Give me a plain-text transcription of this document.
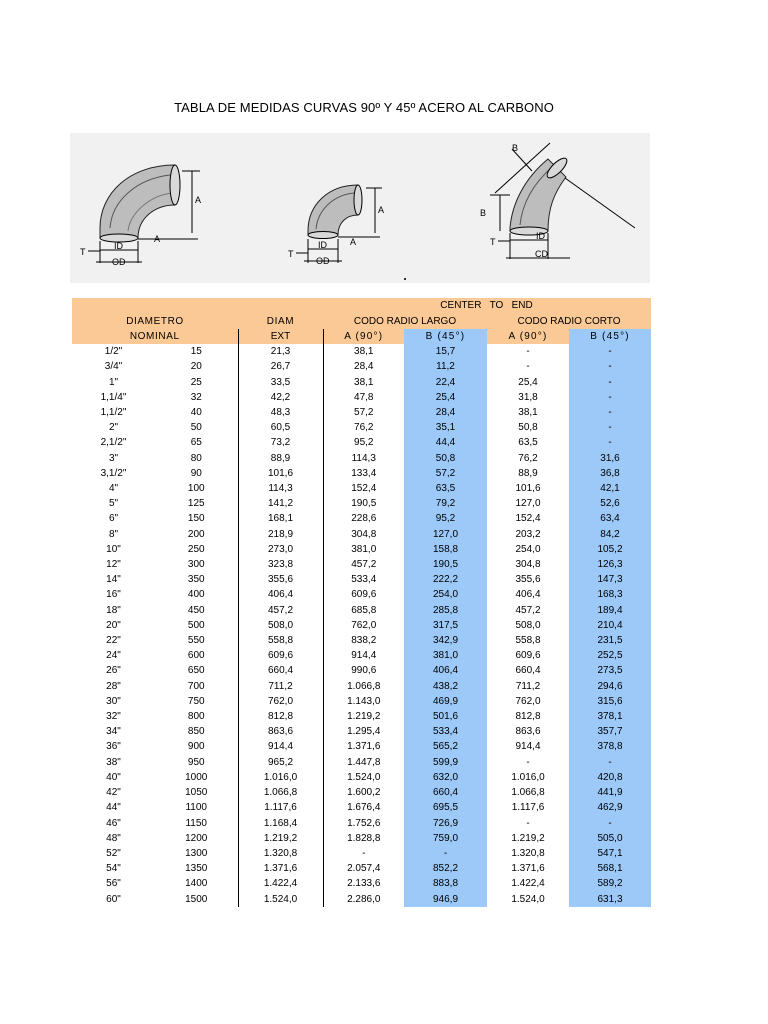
TABLA DE MEDIDAS CURVAS 90º Y 45º ACERO AL CARBONO
A
A
T
ID
OD
A
A
T
ID
OD
B
B
T
ID
CD
				CENTER   TO   END		
DIAMETRO		DIAM	CODO RADIO LARGO		CODO RADIO CORTO	
NOMINAL		EXT	A (90°)	B (45°)	A (90°)	B (45°)
1/2"	15	21,3	38,1	15,7	-	-
3/4"	20	26,7	28,4	11,2	-	-
1"	25	33,5	38,1	22,4	25,4	-
1,1/4"	32	42,2	47,8	25,4	31,8	-
1,1/2"	40	48,3	57,2	28,4	38,1	-
2"	50	60,5	76,2	35,1	50,8	-
2,1/2"	65	73,2	95,2	44,4	63,5	-
3"	80	88,9	114,3	50,8	76,2	31,6
3,1/2"	90	101,6	133,4	57,2	88,9	36,8
4"	100	114,3	152,4	63,5	101,6	42,1
5"	125	141,2	190,5	79,2	127,0	52,6
6"	150	168,1	228,6	95,2	152,4	63,4
8"	200	218,9	304,8	127,0	203,2	84,2
10"	250	273,0	381,0	158,8	254,0	105,2
12"	300	323,8	457,2	190,5	304,8	126,3
14"	350	355,6	533,4	222,2	355,6	147,3
16"	400	406,4	609,6	254,0	406,4	168,3
18"	450	457,2	685,8	285,8	457,2	189,4
20"	500	508,0	762,0	317,5	508,0	210,4
22"	550	558,8	838,2	342,9	558,8	231,5
24"	600	609,6	914,4	381,0	609,6	252,5
26"	650	660,4	990,6	406,4	660,4	273,5
28"	700	711,2	1.066,8	438,2	711,2	294,6
30"	750	762,0	1.143,0	469,9	762,0	315,6
32"	800	812,8	1.219,2	501,6	812,8	378,1
34"	850	863,6	1.295,4	533,4	863,6	357,7
36"	900	914,4	1.371,6	565,2	914,4	378,8
38"	950	965,2	1.447,8	599,9	-	-
40"	1000	1.016,0	1.524,0	632,0	1.016,0	420,8
42"	1050	1.066,8	1.600,2	660,4	1.066,8	441,9
44"	1100	1.117,6	1.676,4	695,5	1.117,6	462,9
46"	1150	1.168,4	1.752,6	726,9	-	-
48"	1200	1.219,2	1.828,8	759,0	1.219,2	505,0
52"	1300	1.320,8	-	-	1.320,8	547,1
54"	1350	1.371,6	2.057,4	852,2	1.371,6	568,1
56"	1400	1.422,4	2.133,6	883,8	1.422,4	589,2
60"	1500	1.524,0	2.286,0	946,9	1.524,0	631,3
